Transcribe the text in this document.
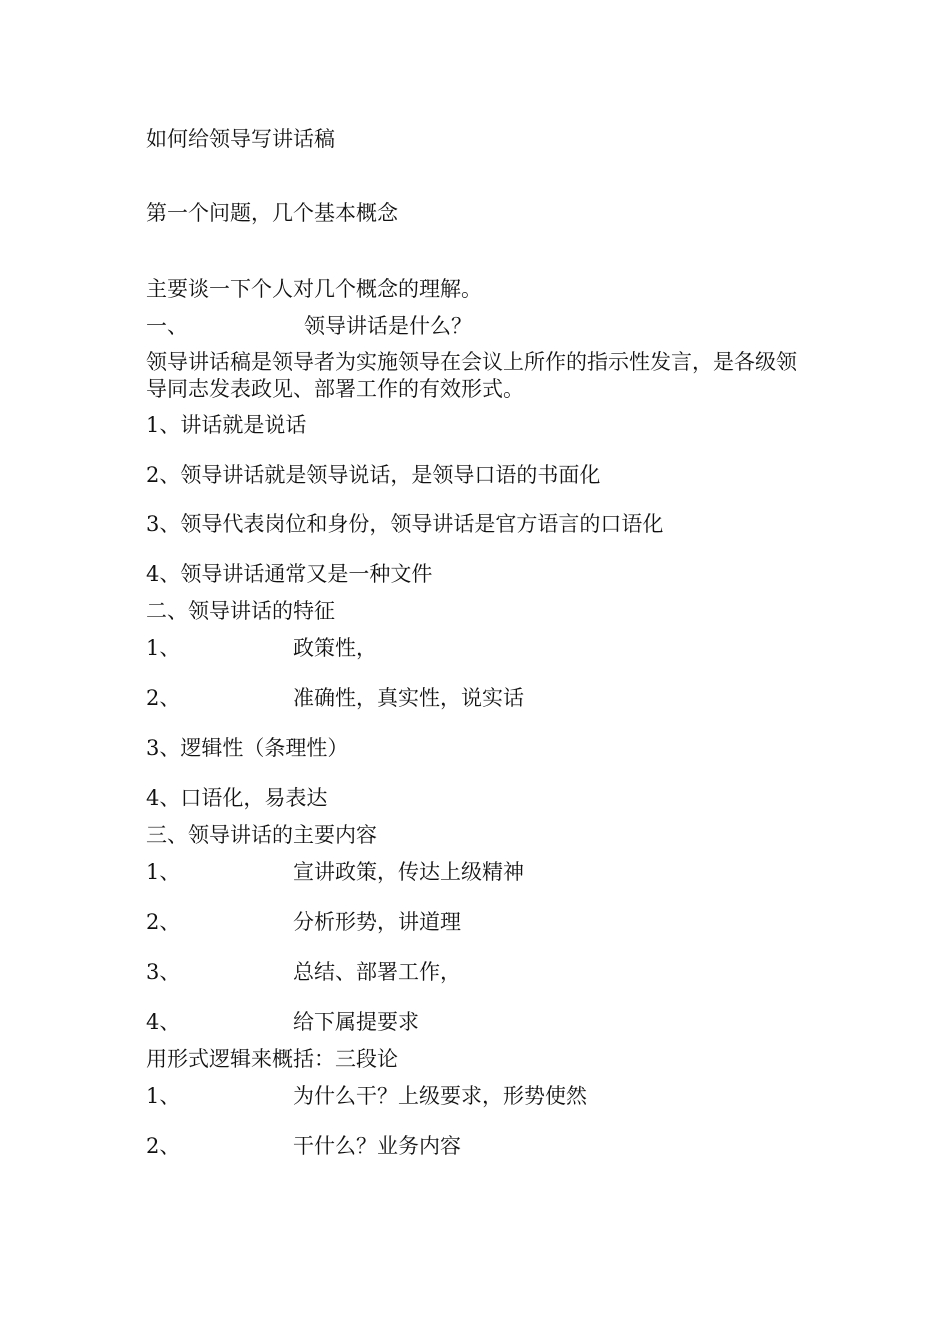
如何给领导写讲话稿

第一个问题，几个基本概念

主要谈一下个人对几个概念的理解。

一、	领导讲话是什么？

领导讲话稿是领导者为实施领导在会议上所作的指示性发言，是各级领导同志发表政见、部署工作的有效形式。

1、讲话就是说话

2、领导讲话就是领导说话，是领导口语的书面化

3、领导代表岗位和身份，领导讲话是官方语言的口语化

4、领导讲话通常又是一种文件

二、领导讲话的特征

1、	政策性，
2、	准确性，真实性，说实话

3、逻辑性（条理性）

4、口语化，易表达

三、领导讲话的主要内容

1、	宣讲政策，传达上级精神
2、	分析形势，讲道理
3、	总结、部署工作，
4、	给下属提要求

用形式逻辑来概括：三段论

1、	为什么干？上级要求，形势使然
2、	干什么？业务内容
